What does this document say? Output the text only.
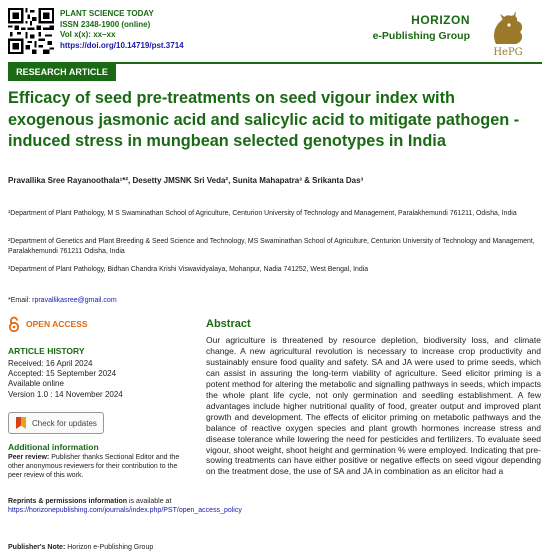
PLANT SCIENCE TODAY
ISSN 2348-1900 (online)
Vol x(x): xx–xx
https://doi.org/10.14719/pst.3714
HORIZON
e-Publishing Group
HePG
RESEARCH ARTICLE
Efficacy of seed pre-treatments on seed vigour index with exogenous jasmonic acid and salicylic acid to mitigate pathogen -induced stress in mungbean selected genotypes in India
Pravallika Sree Rayanoothala¹*², Desetty JMSNK Sri Veda², Sunita Mahapatra³ & Srikanta Das³
¹Department of Plant Pathology, M S Swaminathan School of Agriculture, Centurion University of Technology and Management, Paralakhemundi 761211, Odisha, India
²Department of Genetics and Plant Breeding & Seed Science and Technology, MS Swaminathan School of Agriculture, Centurion University of Technology and Management, Paralakhemundi 761211 Odisha, India
³Department of Plant Pathology, Bidhan Chandra Krishi Viswavidyalaya, Mohanpur, Nadia 741252, West Bengal, India
*Email: rpravallikasree@gmail.com
OPEN ACCESS
ARTICLE HISTORY
Received: 16 April 2024
Accepted: 15 September 2024
Available online
Version 1.0 : 14 November 2024
Check for updates
Additional information
Peer review: Publisher thanks Sectional Editor and the other anonymous reviewers for their contribution to the peer review of this work.
Reprints & permissions information is available at https://horizonepublishing.com/journals/index.php/PST/open_access_policy
Publisher's Note: Horizon e-Publishing Group
Abstract
Our agriculture is threatened by resource depletion, biodiversity loss, and climate change. A new agricultural revolution is necessary to increase crop productivity and sustainably ensure food quality and safety. SA and JA were used to prime seeds, which can assist in assuring the long-term viability of agriculture. Seed elicitor priming is a potent method for altering the metabolic and signalling pathways in seeds, which impacts the whole plant life cycle, not only germination and seedling establishment. A few advantages include higher nutritional quality of food, greater output and improved plant growth and development. The effects of elicitor priming on metabolic pathways and the balance of reactive oxygen species and plant growth hormones increase stress and disease tolerance while lowering the need for pesticides and fertilizers. To evaluate seed vigour, shoot weight, shoot height and germination % were employed. Indicating that pre-sowing treatments can have either positive or negative effects on seed vigour depending on the treatment dose, the use of SA and JA in combination as an elicitor had a
